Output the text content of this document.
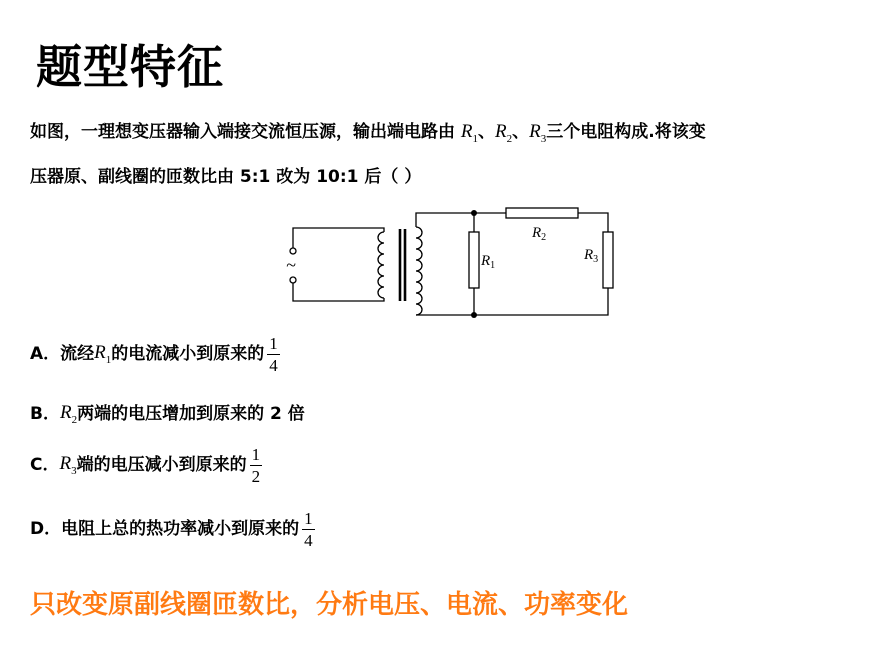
题型特征
如图，一理想变压器输入端接交流恒压源，输出端电路由 $R_1$、$R_2$、$R_3$三个电阻构成.将该变
压器原、副线圈的匝数比由 5:1 改为 10:1 后（ ）
~	$R_1$
$R_2$
$R_3$
A．流经 $R_1$ 的电流减小到原来的 $\frac{1}{4}$
B． $R_2$ 两端的电压增加到原来的 2 倍
C． $R_3$ 端的电压减小到原来的 $\frac{1}{2}$
D． 电阻上总的热功率减小到原来的 $\frac{1}{4}$
只改变原副线圈匝数比，分析电压、电流、功率变化
